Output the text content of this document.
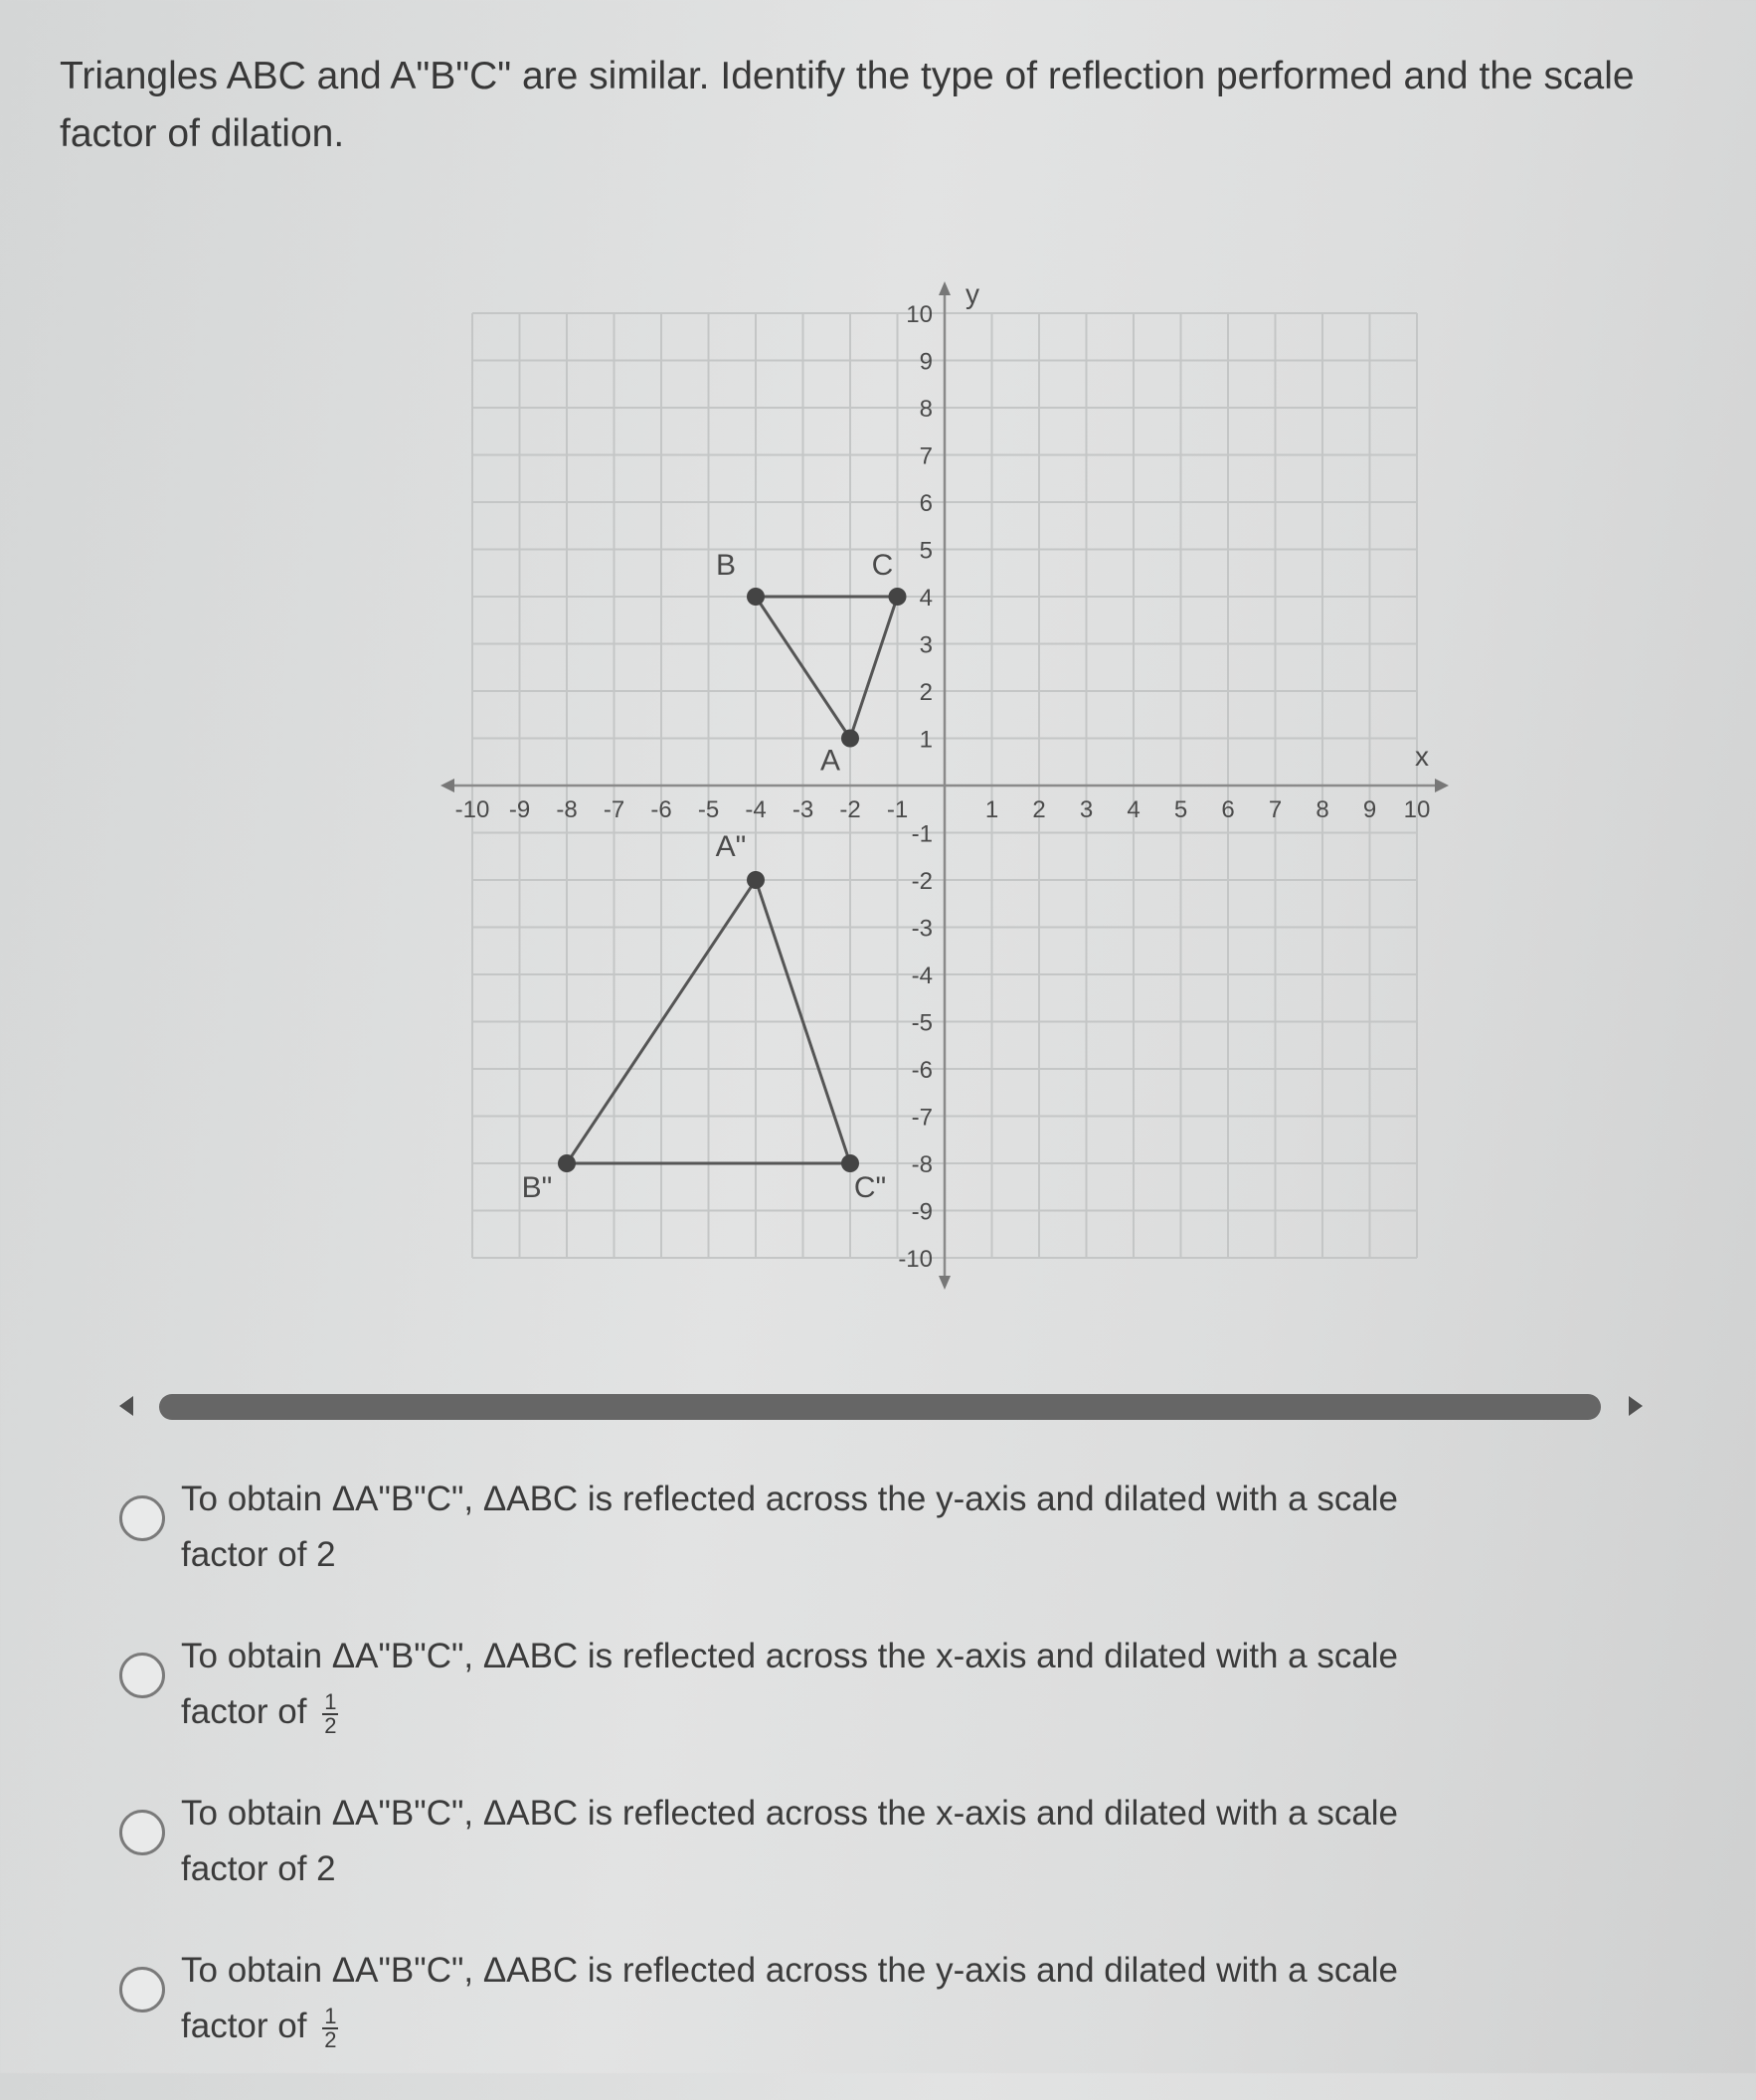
Triangles ABC and A"B"C" are similar. Identify the type of reflection performed and the scale factor of dilation.
-10 -9 -8 -7 -6 -5 -4 -3 -2 -1	1 2 3 4 5 6 7 8 9 10
10
9
8
7
6
5
4
3
2
1
-1
-2
-3
-4
-5
-6
-7
-8
-9
-10
x
y
A
B	C
A"
B"	C"
To obtain ΔA"B"C", ΔABC is reflected across the y-axis and dilated with a scale
factor of 2
To obtain ΔA"B"C", ΔABC is reflected across the x-axis and dilated with a scale
factor of $\frac{1}{2}$
To obtain ΔA"B"C", ΔABC is reflected across the x-axis and dilated with a scale
factor of 2
To obtain ΔA"B"C", ΔABC is reflected across the y-axis and dilated with a scale
factor of $\frac{1}{2}$
